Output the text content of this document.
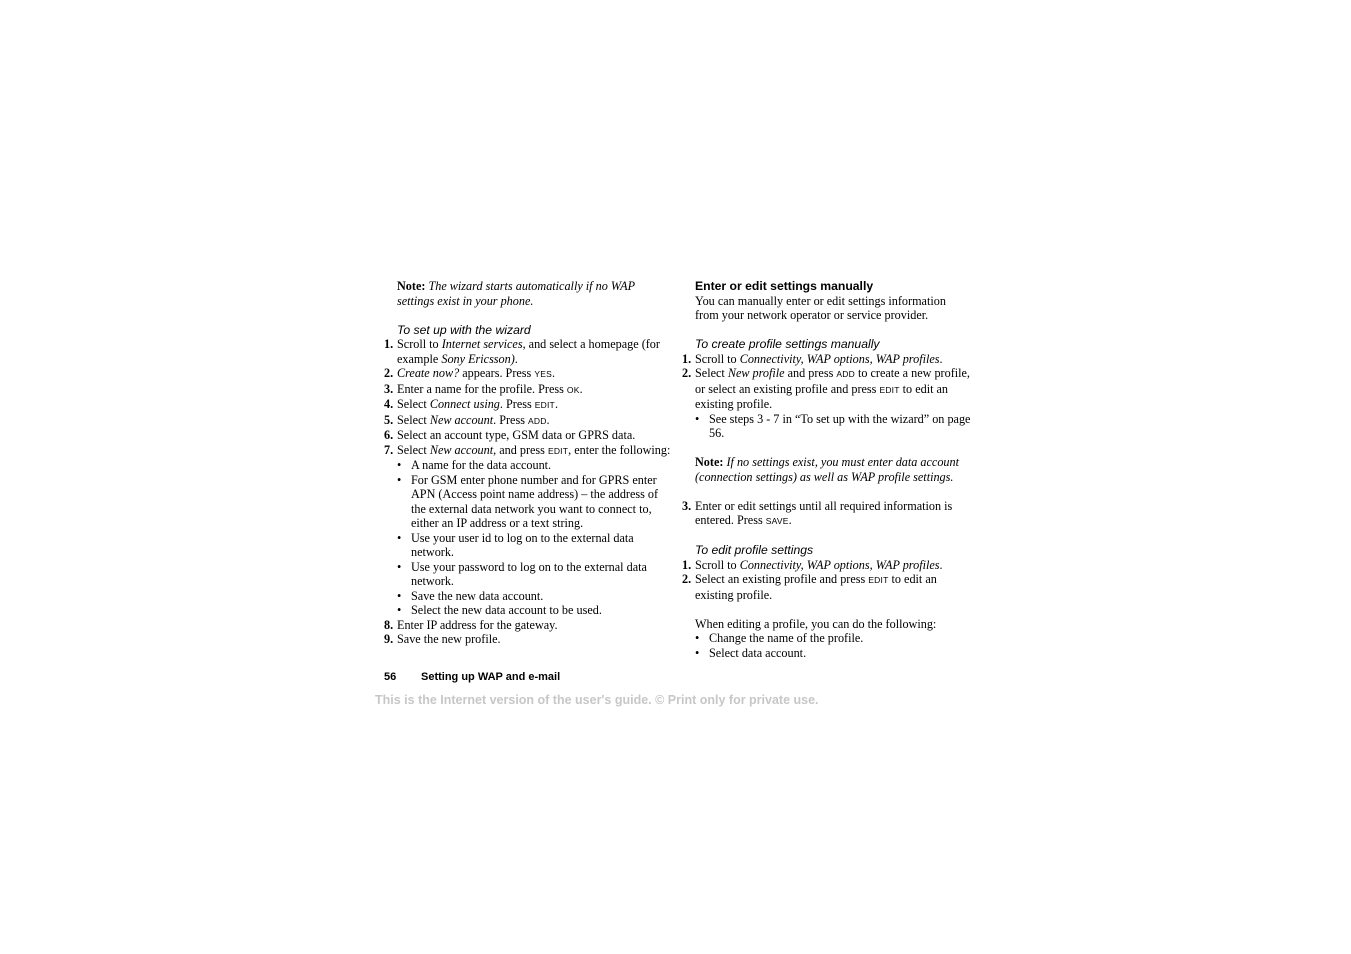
Note: The wizard starts automatically if no WAP settings exist in your phone.
To set up with the wizard
1. Scroll to Internet services, and select a homepage (for example Sony Ericsson).
2. Create now? appears. Press YES.
3. Enter a name for the profile. Press OK.
4. Select Connect using. Press EDIT.
5. Select New account. Press ADD.
6. Select an account type, GSM data or GPRS data.
7. Select New account, and press EDIT, enter the following:
• A name for the data account.
• For GSM enter phone number and for GPRS enter APN (Access point name address) – the address of the external data network you want to connect to, either an IP address or a text string.
• Use your user id to log on to the external data network.
• Use your password to log on to the external data network.
• Save the new data account.
• Select the new data account to be used.
8. Enter IP address for the gateway.
9. Save the new profile.
Enter or edit settings manually
You can manually enter or edit settings information from your network operator or service provider.
To create profile settings manually
1. Scroll to Connectivity, WAP options, WAP profiles.
2. Select New profile and press ADD to create a new profile, or select an existing profile and press EDIT to edit an existing profile.
• See steps 3 - 7 in “To set up with the wizard” on page 56.
Note: If no settings exist, you must enter data account (connection settings) as well as WAP profile settings.
3. Enter or edit settings until all required information is entered. Press SAVE.
To edit profile settings
1. Scroll to Connectivity, WAP options, WAP profiles.
2. Select an existing profile and press EDIT to edit an existing profile.
When editing a profile, you can do the following:
• Change the name of the profile.
• Select data account.
56 Setting up WAP and e-mail
This is the Internet version of the user's guide. © Print only for private use.
